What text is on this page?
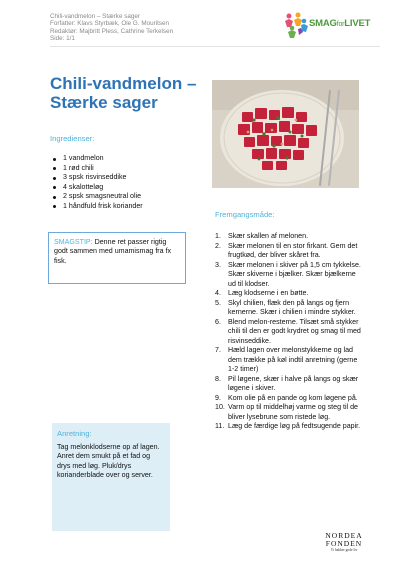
Chili-vandmelon – Stærke sager
Forfatter: Klavs Styrbæk, Ole G. Mouritsen
Redaktør: Majbritt Pless, Cathrine Terkelsen
Side: 1/1
SMAGforLIVET
Chili-vandmelon – Stærke sager
Ingredienser:
1 vandmelon
1 rød chili
3 spsk risvinseddike
4 skalotteløg
2 spsk smagsneutral olie
1 håndfuld frisk koriander
SMAGSTIP: Denne ret passer rigtig godt sammen med umamismag fra fx fisk.
Fremgangsmåde:
1. Skær skallen af melonen.
2. Skær melonen til en stor firkant. Gem det frugtkød, der bliver skåret fra.
3. Skær melonen i skiver på 1,5 cm tykkelse. Skær skiverne i bjælker. Skær bjælkerne ud til klodser.
4. Læg klodserne i en bøtte.
5. Skyl chilien, flæk den på langs og fjern kernerne. Skær i chilien i mindre stykker.
6. Blend melon-resterne. Tilsæt små stykker chili til den er godt krydret og smag til med risvinseddike.
7. Hæld lagen over melonstykkerne og lad dem trække på køl indtil anretning (gerne 1-2 timer)
8. Pil løgene, skær i halve på langs og skær løgene i skiver.
9. Kom olie på en pande og kom løgene på.
10. Varm op til middelhøj varme og steg til de bliver lysebrune som ristede løg.
11. Læg de færdige løg på fedtsugende papir.
Anretning:
Tag melonklodserne op af lagen. Anret dem smukt på et fad og drys med løg. Pluk/drys korianderblade over og server.
NORDEA
FONDEN
Vi bakker gode liv
